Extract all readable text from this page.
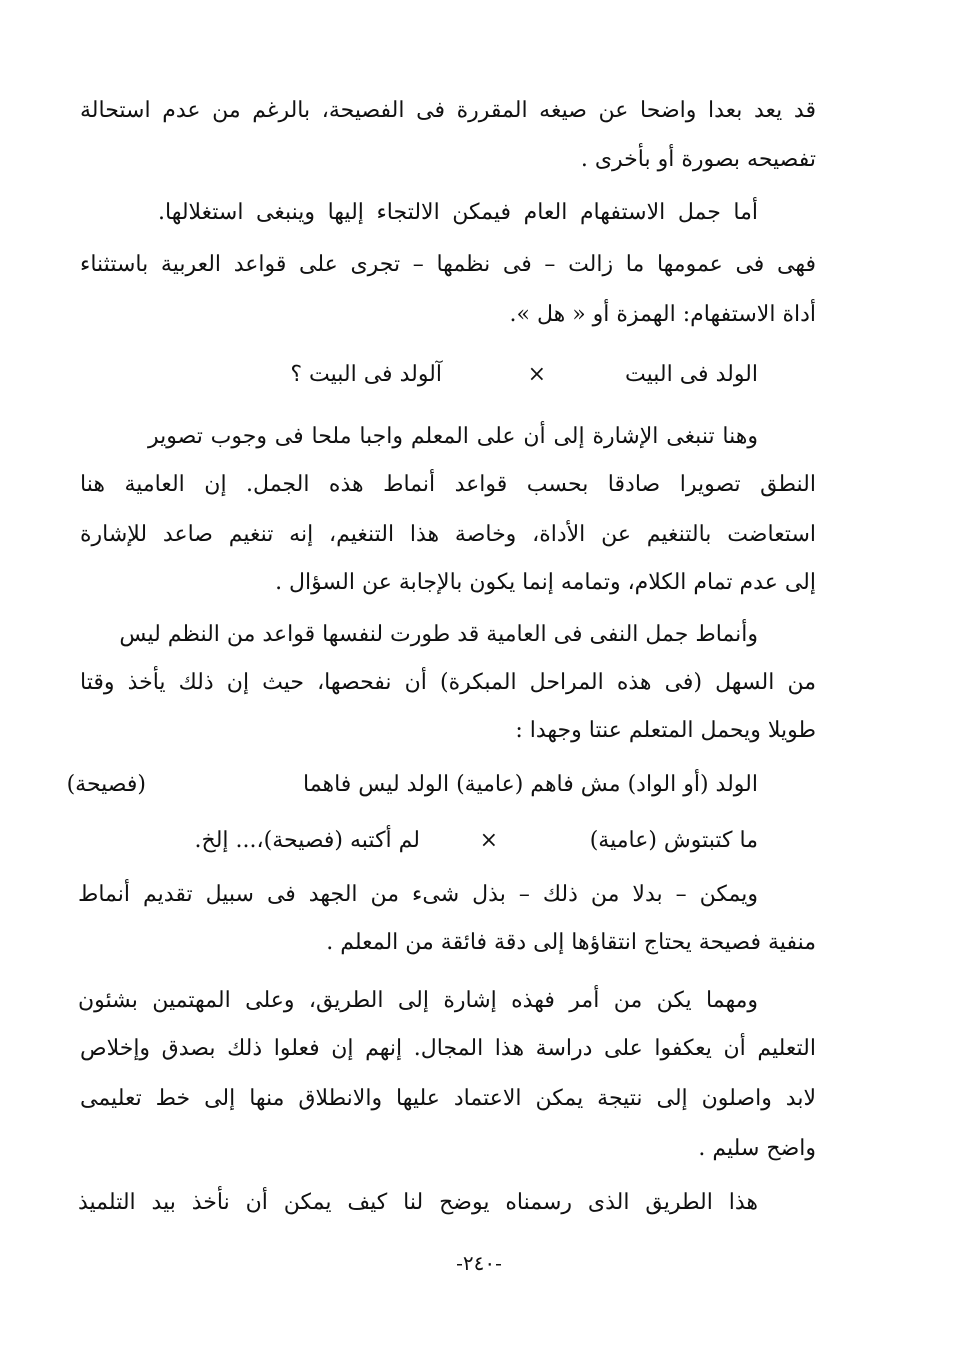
قد يعد بعدا واضحا عن صيغه المقررة فى الفصيحة، بالرغم من عدم استحالة
تفصيحه بصورة أو بأخرى .
أما جمل الاستفهام العام فيمكن الالتجاء إليها وينبغى استغلالها.
فهى فى عمومها ما زالت – فى نظمها – تجرى على قواعد العربية باستثناء
أداة الاستفهام: الهمزة أو « هل ».
الولد فى البيت
×
آلولد فى البيت ؟
وهنا تنبغى الإشارة إلى أن على المعلم واجبا ملحا فى وجوب تصوير
النطق تصويرا صادقا بحسب قواعد أنماط هذه الجمل. إن العامية هنا
استعاضت بالتنغيم عن الأداة، وخاصة هذا التنغيم، إنه تنغيم صاعد للإشارة
إلى عدم تمام الكلام، وتمامه إنما يكون بالإجابة عن السؤال .
وأنماط جمل النفى فى العامية قد طورت لنفسها قواعد من النظم ليس
من السهل (فى هذه المراحل المبكرة) أن نفحصها، حيث إن ذلك يأخذ وقتا
طويلا ويحمل المتعلم عنتا وجهدا :
الولد (أو الواد) مش فاهم (عامية) الولد ليس فاهما
(فصيحة)
ما كتبتوش (عامية)
×
لم أكتبه (فصيحة)،... إلخ.
ويمكن – بدلا من ذلك – بذل شىء من الجهد فى سبيل تقديم أنماط
منفية فصيحة يحتاج انتقاؤها إلى دقة فائقة من المعلم .
ومهما يكن من أمر فهذه إشارة إلى الطريق، وعلى المهتمين بشئون
التعليم أن يعكفوا على دراسة هذا المجال. إنهم إن فعلوا ذلك بصدق وإخلاص
لابد واصلون إلى نتيجة يمكن الاعتماد عليها والانطلاق منها إلى خط تعليمى
واضح سليم .
هذا الطريق الذى رسمناه يوضح لنا كيف يمكن أن نأخذ بيد التلميذ
-٢٤٠-
